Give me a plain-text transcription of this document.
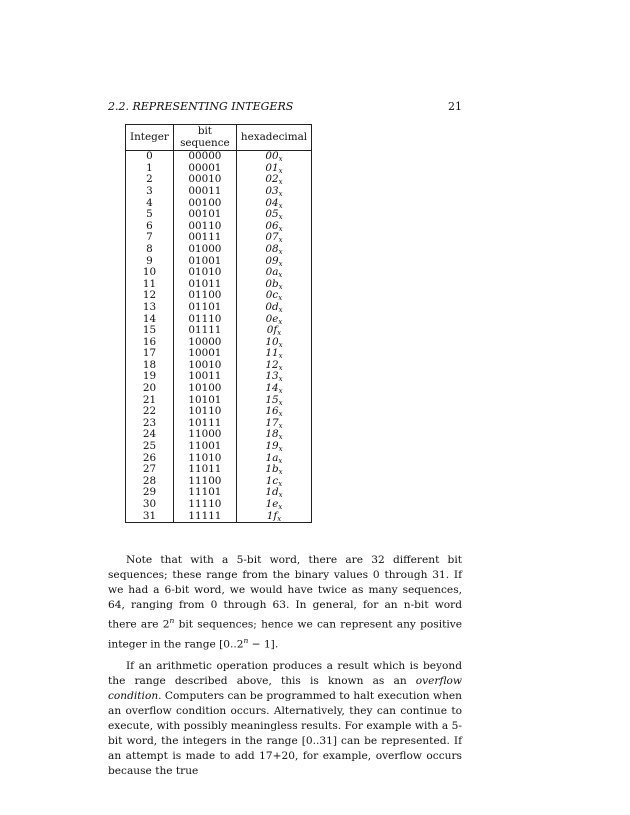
2.2. REPRESENTING INTEGERS	21
Integer	bit sequence	hexadecimal
0	00000	$00_x$
1	00001	$01_x$
2	00010	$02_x$
3	00011	$03_x$
4	00100	$04_x$
5	00101	$05_x$
6	00110	$06_x$
7	00111	$07_x$
8	01000	$08_x$
9	01001	$09_x$
10	01010	$0a_x$
11	01011	$0b_x$
12	01100	$0c_x$
13	01101	$0d_x$
14	01110	$0e_x$
15	01111	$0f_x$
16	10000	$10_x$
17	10001	$11_x$
18	10010	$12_x$
19	10011	$13_x$
20	10100	$14_x$
21	10101	$15_x$
22	10110	$16_x$
23	10111	$17_x$
24	11000	$18_x$
25	11001	$19_x$
26	11010	$1a_x$
27	11011	$1b_x$
28	11100	$1c_x$
29	11101	$1d_x$
30	11110	$1e_x$
31	11111	$1f_x$

Note that with a 5-bit word, there are 32 different bit sequences; these range from the binary values 0 through 31. If we had a 6-bit word, we would have twice as many sequences, 64, ranging from 0 through 63. In general, for an n-bit word there are 2$^n$ bit sequences; hence we can represent any positive integer in the range $[0..2^n - 1]$.

If an arithmetic operation produces a result which is beyond the range described above, this is known as an overflow condition. Computers can be programmed to halt execution when an overflow condition occurs. Alternatively, they can continue to execute, with possibly meaningless results. For example with a 5-bit word, the integers in the range [0..31] can be represented. If an attempt is made to add 17+20, for example, overflow occurs because the true
